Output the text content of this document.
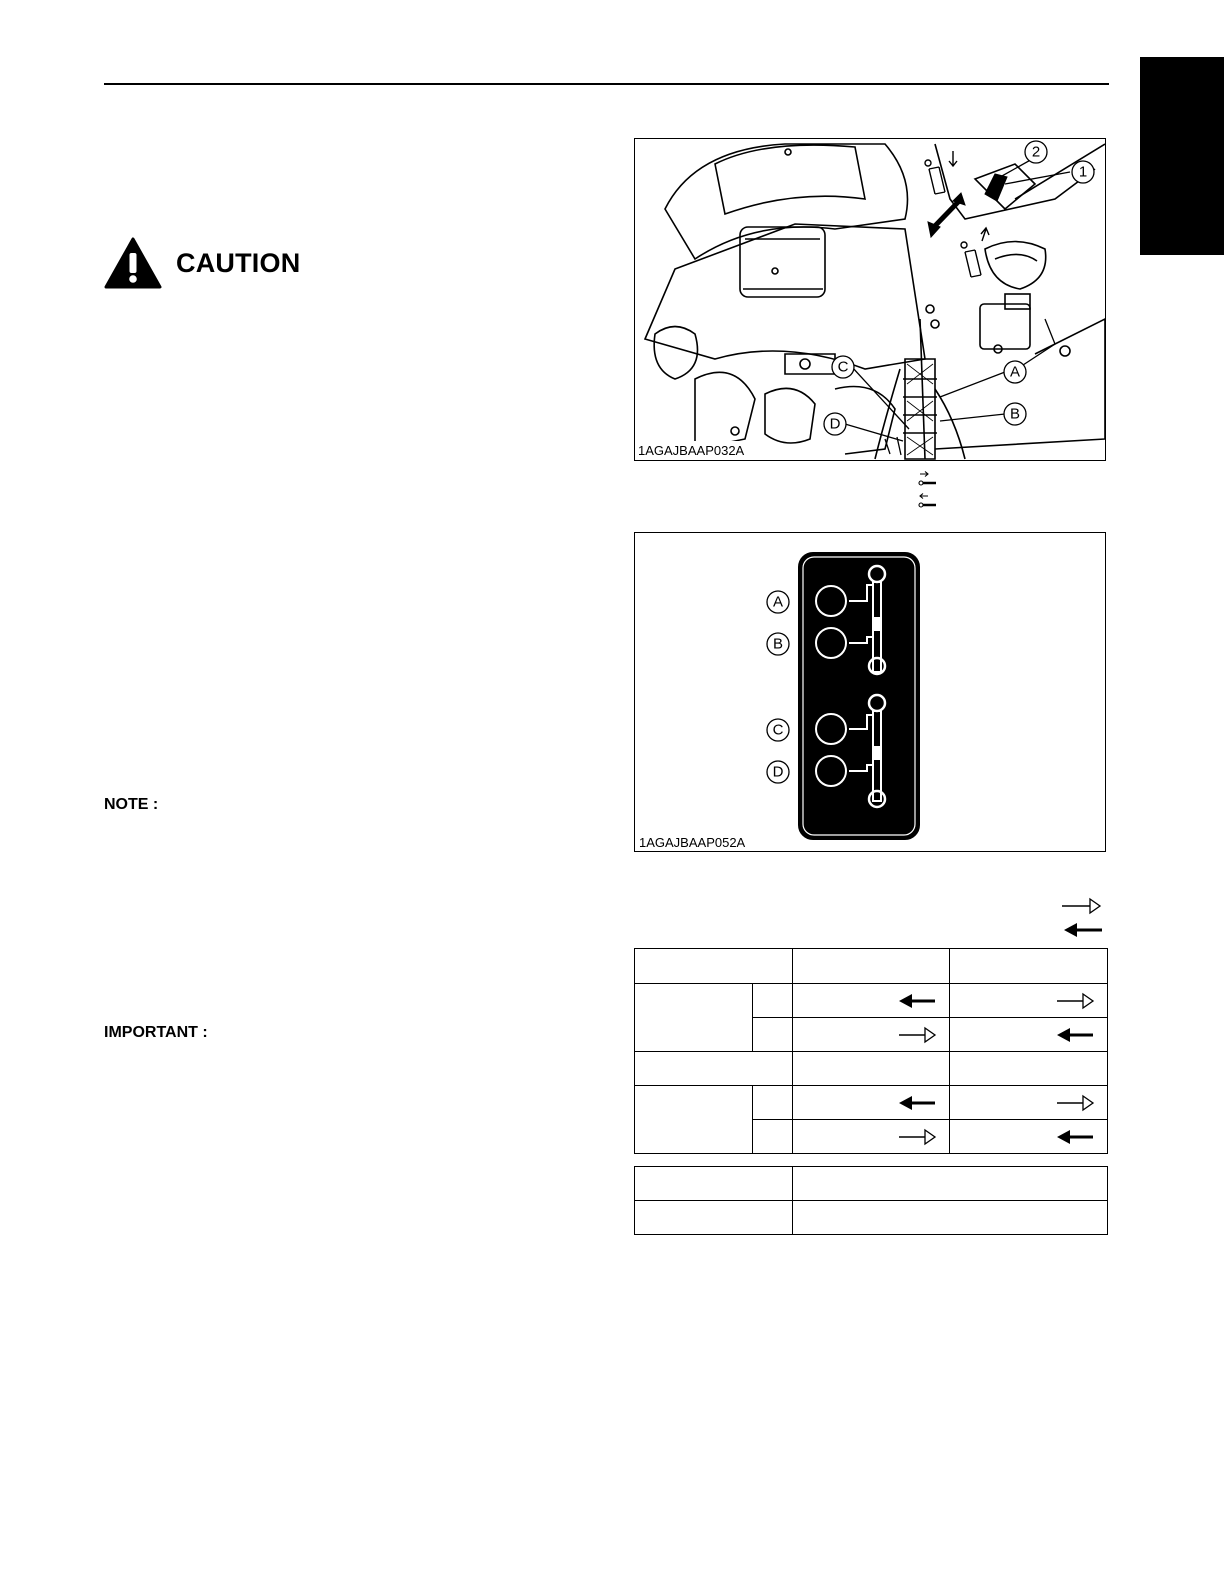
CAUTION
NOTE :
IMPORTANT :
1
2
A
B
C
D
1AGAJBAAP032A
A
B
C
D
1AGAJBAAP052A
